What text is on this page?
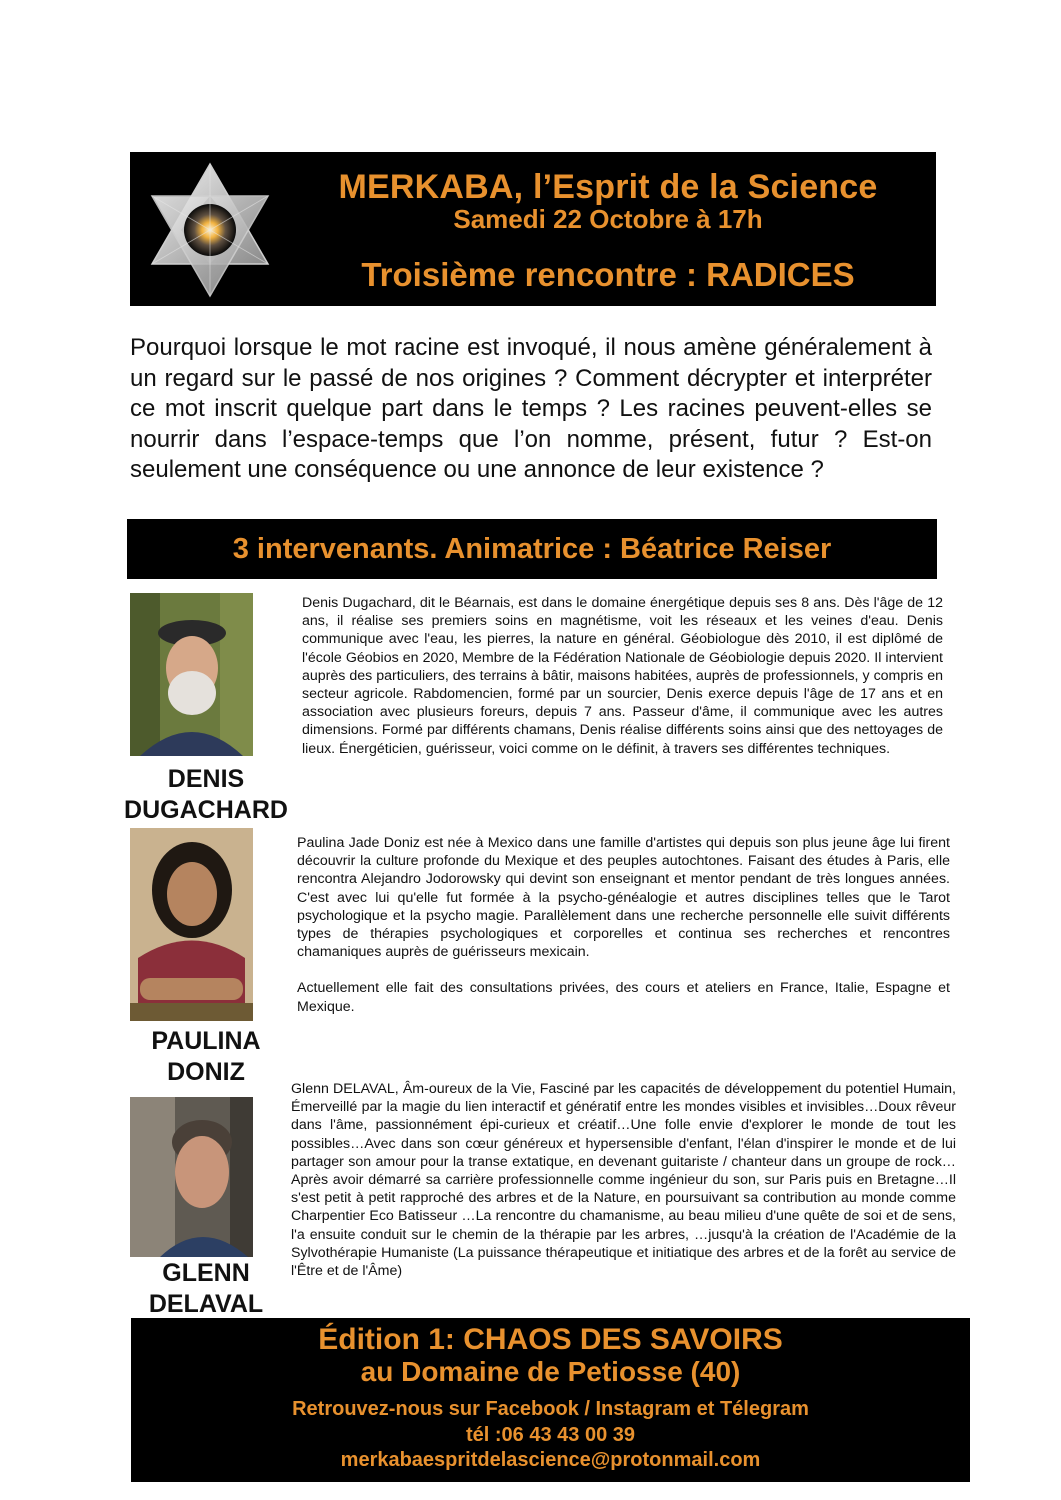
MERKABA, l’Esprit de la Science
Samedi 22 Octobre à 17h
Troisième rencontre : RADICES
Pourquoi lorsque le mot racine est invoqué, il nous amène généralement à un regard sur le passé de nos origines ? Comment décrypter et interpréter ce mot inscrit quelque part dans le temps ? Les racines peuvent-elles se nourrir dans l’espace-temps que l’on nomme, présent, futur ? Est-on seulement une conséquence ou une annonce de leur existence ?
3 intervenants. Animatrice : Béatrice Reiser
DENIS
DUGACHARD

Denis Dugachard, dit le Béarnais, est dans le domaine énergétique depuis ses 8 ans. Dès l'âge de 12 ans, il réalise ses premiers soins en magnétisme, voit les réseaux et les veines d'eau. Denis communique avec l'eau, les pierres, la nature en général. Géobiologue dès 2010, il est diplômé de l'école Géobios en 2020, Membre de la Fédération Nationale de Géobiologie depuis 2020. Il intervient auprès des particuliers, des terrains à bâtir, maisons habitées, auprès de professionnels, y compris en secteur agricole. Rabdomencien, formé par un sourcier, Denis exerce depuis l'âge de 17 ans et en association avec plusieurs foreurs, depuis 7 ans. Passeur d'âme, il communique avec les autres dimensions. Formé par différents chamans, Denis réalise différents soins ainsi que des nettoyages de lieux. Énergéticien, guérisseur, voici comme on le définit, à travers ses différentes techniques.

PAULINA
DONIZ

Paulina Jade Doniz est née à Mexico dans une famille d'artistes qui depuis son plus jeune âge lui firent découvrir la culture profonde du Mexique et des peuples autochtones. Faisant des études à Paris, elle rencontra Alejandro Jodorowsky qui devint son enseignant et mentor pendant de très longues années. C'est avec lui qu'elle fut formée à la psycho-généalogie et autres disciplines telles que le Tarot psychologique et la psycho magie. Parallèlement dans une recherche personnelle elle suivit différents types de thérapies psychologiques et corporelles et continua ses recherches et rencontres chamaniques auprès de guérisseurs mexicain.

Actuellement elle fait des consultations privées, des cours et ateliers en France, Italie, Espagne et Mexique.

GLENN
DELAVAL

Glenn DELAVAL, Âm-oureux de la Vie, Fasciné par les capacités de développement du potentiel Humain, Émerveillé par la magie du lien interactif et génératif entre les mondes visibles et invisibles…Doux rêveur dans l'âme, passionnément épi-curieux et créatif…Une folle envie d'explorer le monde de tout les possibles…Avec dans son cœur généreux et hypersensible d'enfant, l'élan d'inspirer le monde et de lui partager son amour pour la transe extatique, en devenant guitariste / chanteur dans un groupe de rock…Après avoir démarré sa carrière professionnelle comme ingénieur du son, sur Paris puis en Bretagne…Il s'est petit à petit rapproché des arbres et de la Nature, en poursuivant sa contribution au monde comme Charpentier Eco Batisseur …La rencontre du chamanisme, au beau milieu d'une quête de soi et de sens, l'a ensuite conduit sur le chemin de la thérapie par les arbres, …jusqu'à la création de l'Académie de la Sylvothérapie Humaniste (La puissance thérapeutique et initiatique des arbres et de la forêt au service de l'Être et de l'Âme)

Édition 1: CHAOS DES SAVOIRS
au Domaine de Petiosse (40)
Retrouvez-nous sur Facebook / Instagram et Télegram
tél :06 43 43 00 39
merkabaespritdelascience@protonmail.com
